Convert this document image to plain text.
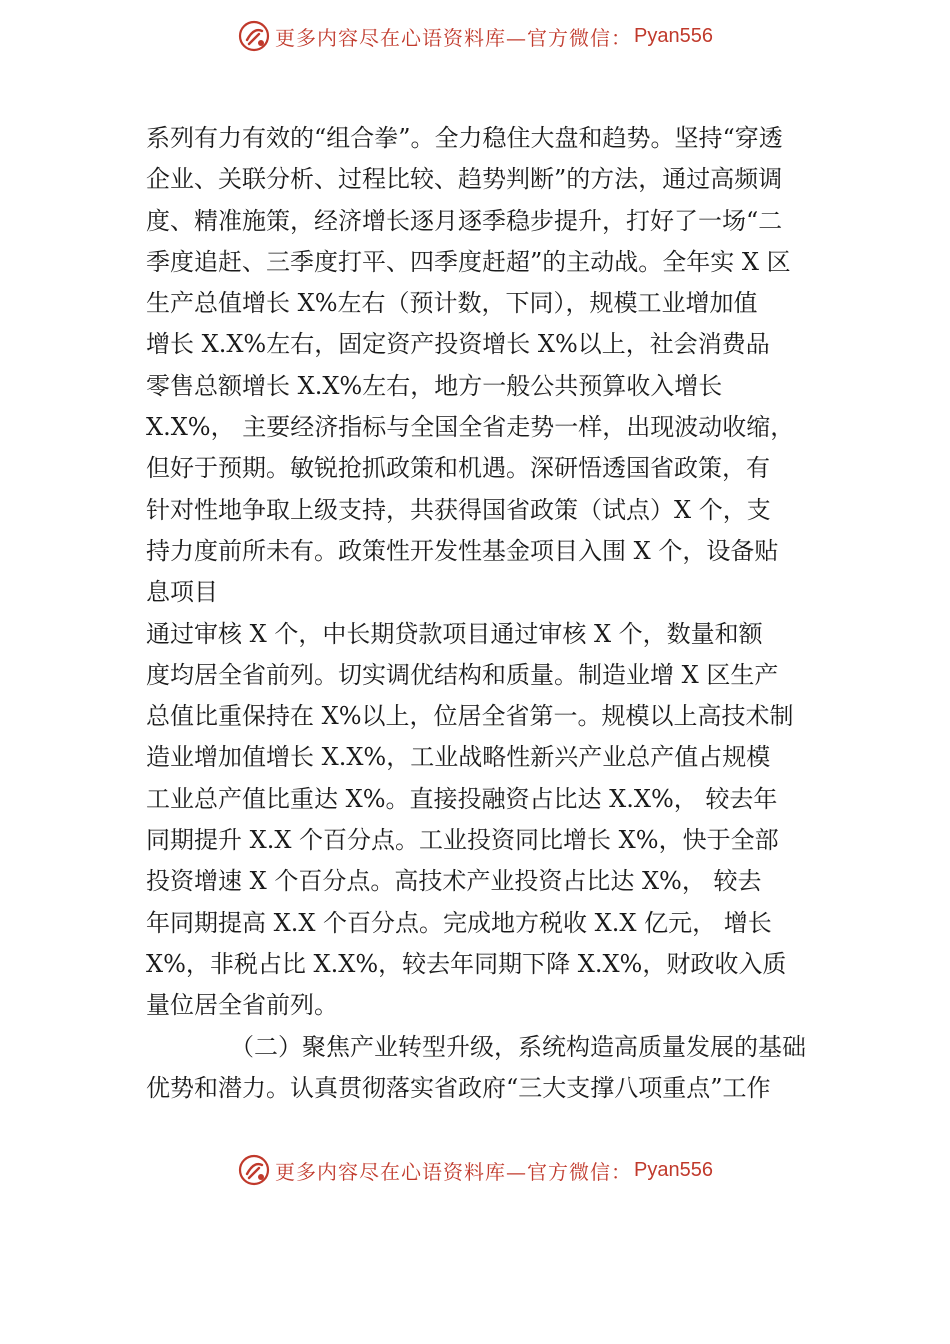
更多内容尽在心语资料库—官方微信： Pyan556
系列有力有效的“组合拳”。全力稳住大盘和趋势。坚持“穿透
企业、关联分析、过程比较、趋势判断”的方法，通过高频调
度、精准施策，经济增长逐月逐季稳步提升，打好了一场“二
季度追赶、三季度打平、四季度赶超”的主动战。全年实 X 区
生产总值增长 X%左右（预计数，下同），规模工业增加值
增长 X.X%左右，固定资产投资增长 X%以上，社会消费品
零售总额增长 X.X%左右，地方一般公共预算收入增长
X.X%， 主要经济指标与全国全省走势一样，出现波动收缩，
但好于预期。敏锐抢抓政策和机遇。深研悟透国省政策，有
针对性地争取上级支持，共获得国省政策（试点）X 个，支
持力度前所未有。政策性开发性基金项目入围 X 个，设备贴
息项目
通过审核 X 个，中长期贷款项目通过审核 X 个，数量和额
度均居全省前列。切实调优结构和质量。制造业增 X 区生产
总值比重保持在 X%以上，位居全省第一。规模以上高技术制
造业增加值增长 X.X%，工业战略性新兴产业总产值占规模
工业总产值比重达 X%。直接投融资占比达 X.X%， 较去年
同期提升 X.X 个百分点。工业投资同比增长 X%，快于全部
投资增速 X 个百分点。高技术产业投资占比达 X%， 较去
年同期提高 X.X 个百分点。完成地方税收 X.X 亿元， 增长
X%，非税占比 X.X%，较去年同期下降 X.X%，财政收入质
量位居全省前列。
（二）聚焦产业转型升级，系统构造高质量发展的基础
优势和潜力。认真贯彻落实省政府“三大支撑八项重点”工作
更多内容尽在心语资料库—官方微信： Pyan556
